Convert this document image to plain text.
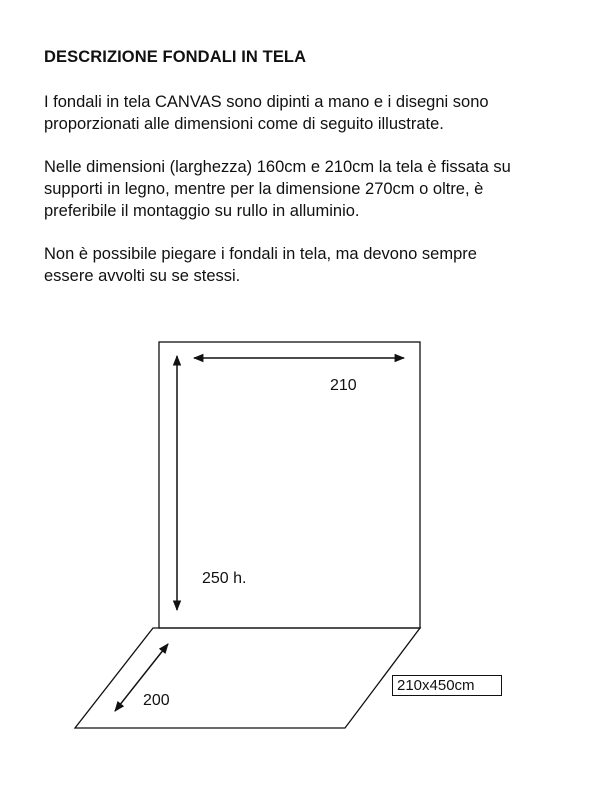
DESCRIZIONE FONDALI IN TELA

I fondali in tela CANVAS sono dipinti a mano e i disegni sono
proporzionati alle dimensioni come di seguito illustrate.

Nelle dimensioni (larghezza) 160cm e 210cm la tela è fissata su
supporti in legno, mentre per la dimensione 270cm o oltre, è
preferibile il montaggio su rullo in alluminio.

Non è possibile piegare i fondali in tela, ma devono sempre
essere avvolti su se stessi.

210
250 h.
200
210x450cm
